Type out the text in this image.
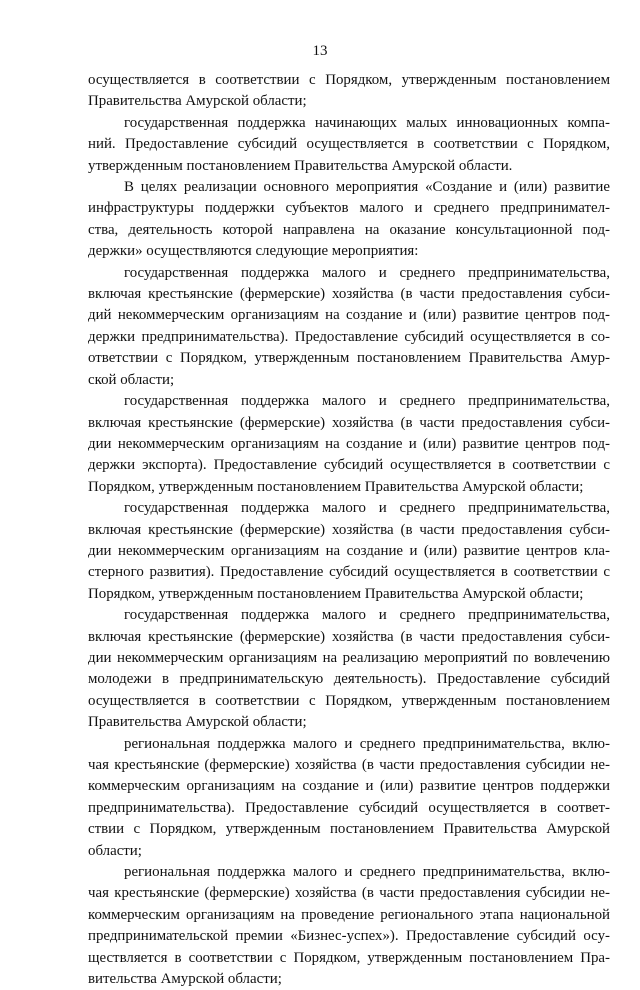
13
осуществляется в соответствии с Порядком, утвержденным постановлением
Правительства Амурской области;
государственная поддержка начинающих малых инновационных компа-
ний. Предоставление субсидий осуществляется в соответствии с Порядком,
утвержденным постановлением Правительства Амурской области.
В целях реализации основного мероприятия «Создание и (или) развитие
инфраструктуры поддержки субъектов малого и среднего предпринимател-
ства, деятельность которой направлена на оказание консультационной под-
держки» осуществляются следующие мероприятия:
государственная поддержка малого и среднего предпринимательства,
включая крестьянские (фермерские) хозяйства (в части предоставления субси-
дий некоммерческим организациям на создание и (или) развитие центров под-
держки предпринимательства). Предоставление субсидий осуществляется в со-
ответствии с Порядком, утвержденным постановлением Правительства Амур-
ской области;
государственная поддержка малого и среднего предпринимательства,
включая крестьянские (фермерские) хозяйства (в части предоставления субси-
дии некоммерческим организациям на создание и (или) развитие центров под-
держки экспорта). Предоставление субсидий осуществляется в соответствии с
Порядком, утвержденным постановлением Правительства Амурской области;
государственная поддержка малого и среднего предпринимательства,
включая крестьянские (фермерские) хозяйства (в части предоставления субси-
дии некоммерческим организациям на создание и (или) развитие центров кла-
стерного развития). Предоставление субсидий осуществляется в соответствии с
Порядком, утвержденным постановлением Правительства Амурской области;
государственная поддержка малого и среднего предпринимательства,
включая крестьянские (фермерские) хозяйства (в части предоставления субси-
дии некоммерческим организациям на реализацию мероприятий по вовлечению
молодежи в предпринимательскую деятельность). Предоставление субсидий
осуществляется в соответствии с Порядком, утвержденным постановлением
Правительства Амурской области;
региональная поддержка малого и среднего предпринимательства, вклю-
чая крестьянские (фермерские) хозяйства (в части предоставления субсидии не-
коммерческим организациям на создание и (или) развитие центров поддержки
предпринимательства). Предоставление субсидий осуществляется в соответ-
ствии с Порядком, утвержденным постановлением Правительства Амурской
области;
региональная поддержка малого и среднего предпринимательства, вклю-
чая крестьянские (фермерские) хозяйства (в части предоставления субсидии не-
коммерческим организациям на проведение регионального этапа национальной
предпринимательской премии «Бизнес-успех»). Предоставление субсидий осу-
ществляется в соответствии с Порядком, утвержденным постановлением Пра-
вительства Амурской области;
